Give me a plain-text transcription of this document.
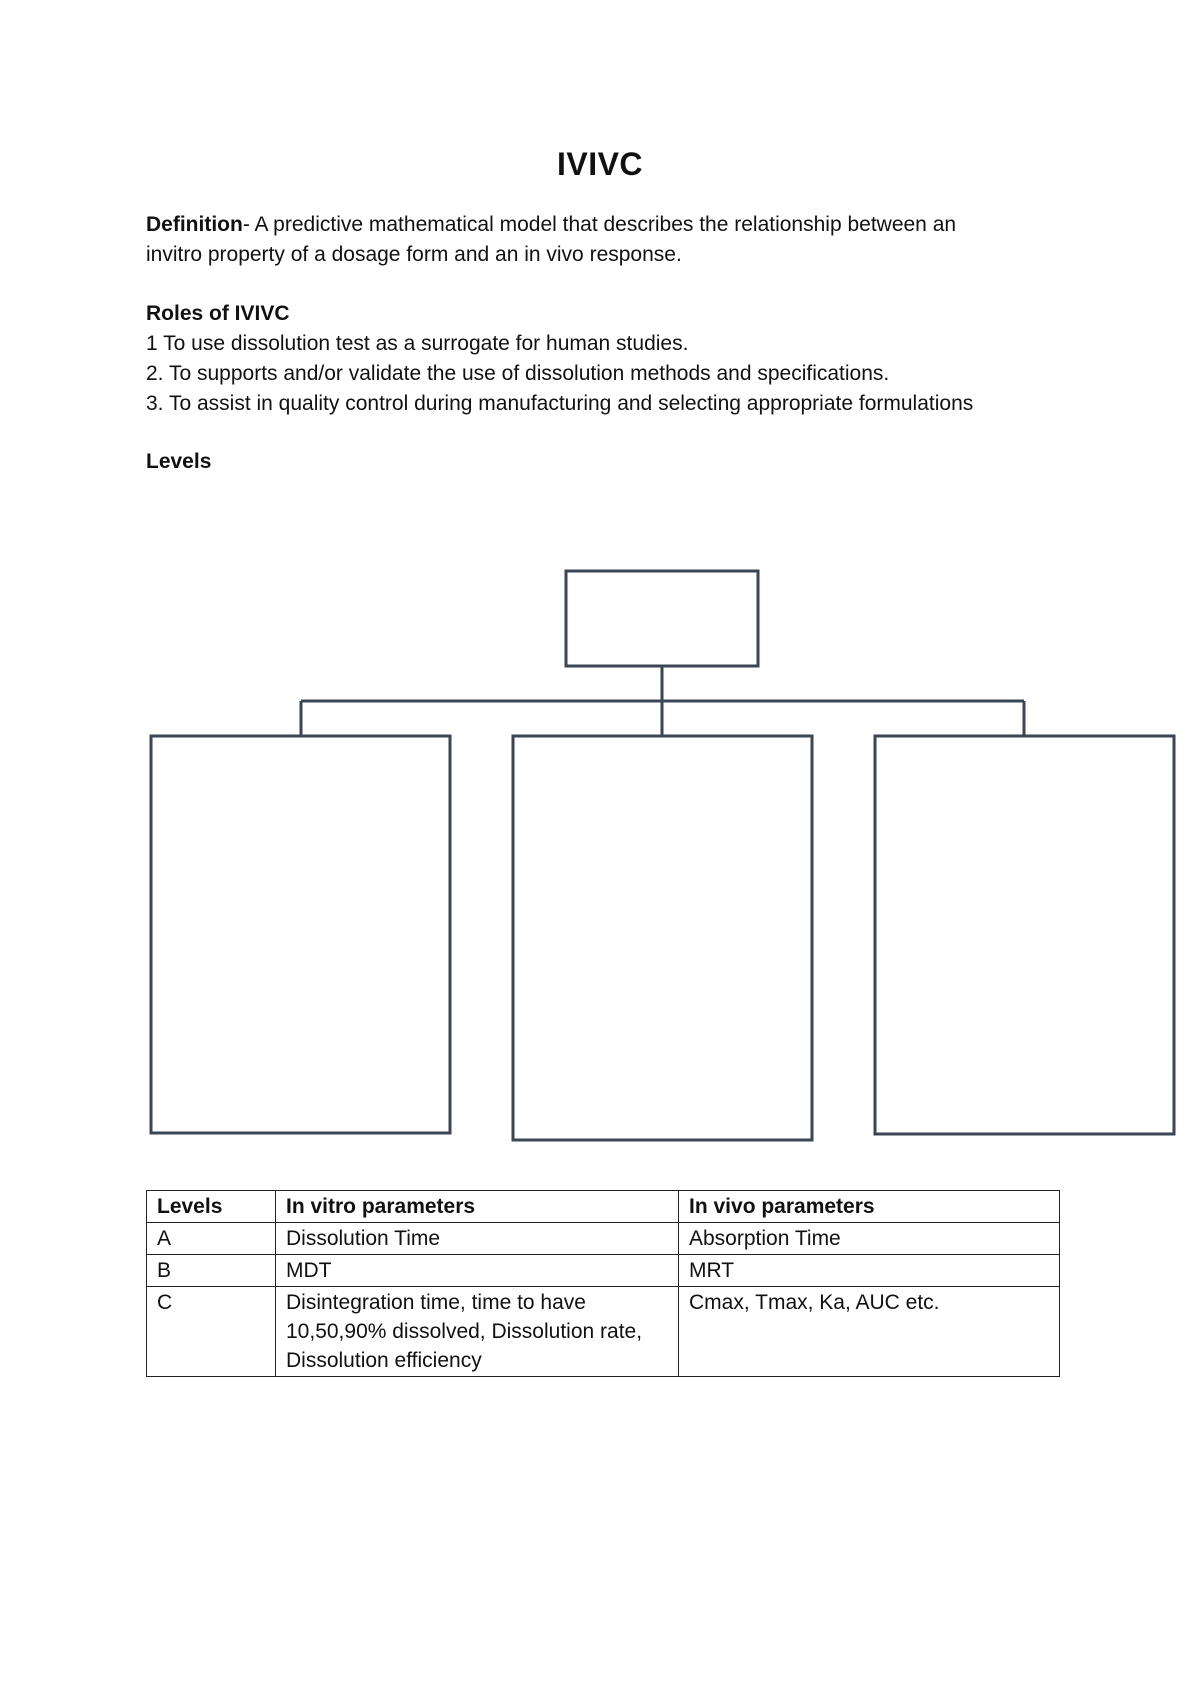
IVIVC
Definition- A predictive mathematical model that describes the relationship between an
invitro property of a dosage form and an in vivo response.
Roles of IVIVC
1 To use dissolution test as a surrogate for human studies.
2. To supports and/or validate the use of dissolution methods and specifications.
3. To assist in quality control during manufacturing and selecting appropriate formulations
Levels
Levels	In vitro parameters	In vivo parameters
A	Dissolution Time	Absorption Time
B	MDT	MRT
C	Disintegration time, time to have 10,50,90% dissolved, Dissolution rate, Dissolution efficiency	Cmax, Tmax, Ka, AUC etc.
